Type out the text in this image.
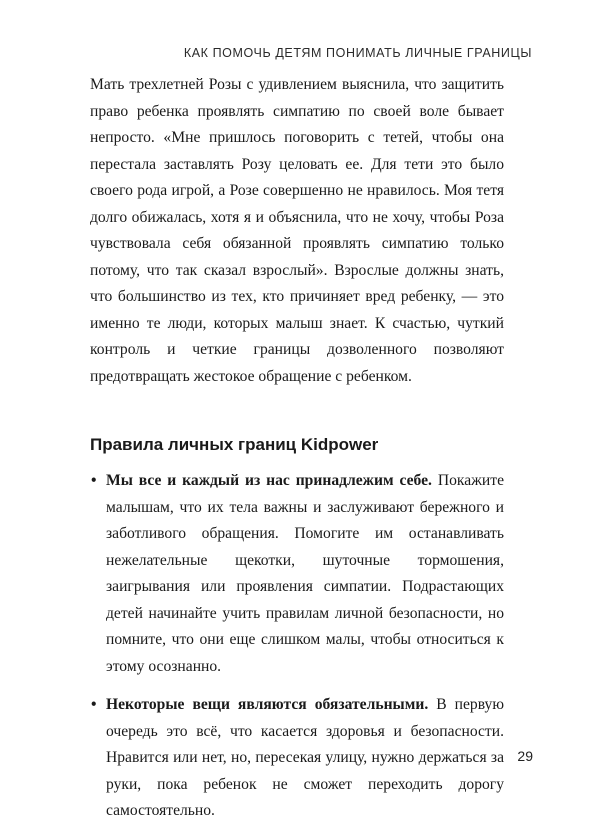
КАК ПОМОЧЬ ДЕТЯМ ПОНИМАТЬ ЛИЧНЫЕ ГРАНИЦЫ

Мать трехлетней Розы с удивлением выяснила, что защитить право ребенка проявлять симпатию по своей воле бывает непросто. «Мне пришлось поговорить с тетей, чтобы она перестала заставлять Розу целовать ее. Для тети это было своего рода игрой, а Розе совершенно не нравилось. Моя тетя долго обижалась, хотя я и объяснила, что не хочу, чтобы Роза чувствовала себя обязанной проявлять симпатию только потому, что так сказал взрослый». Взрослые должны знать, что большинство из тех, кто причиняет вред ребенку, — это именно те люди, которых малыш знает. К счастью, чуткий контроль и четкие границы дозволенного позволяют предотвращать жестокое обращение с ребенком.

Правила личных границ Kidpower
• Мы все и каждый из нас принадлежим себе. Покажите малышам, что их тела важны и заслуживают бережного и заботливого обращения. Помогите им останавливать нежелательные щекотки, шуточные тормошения, заигрывания или проявления симпатии. Подрастающих детей начинайте учить правилам личной безопасности, но помните, что они еще слишком малы, чтобы относиться к этому осознанно.
• Некоторые вещи являются обязательными. В первую очередь это всё, что касается здоровья и безопасности. Нравится или нет, но, пересекая улицу, нужно держаться за руки, пока ребенок не сможет переходить дорогу самостоятельно.
29
